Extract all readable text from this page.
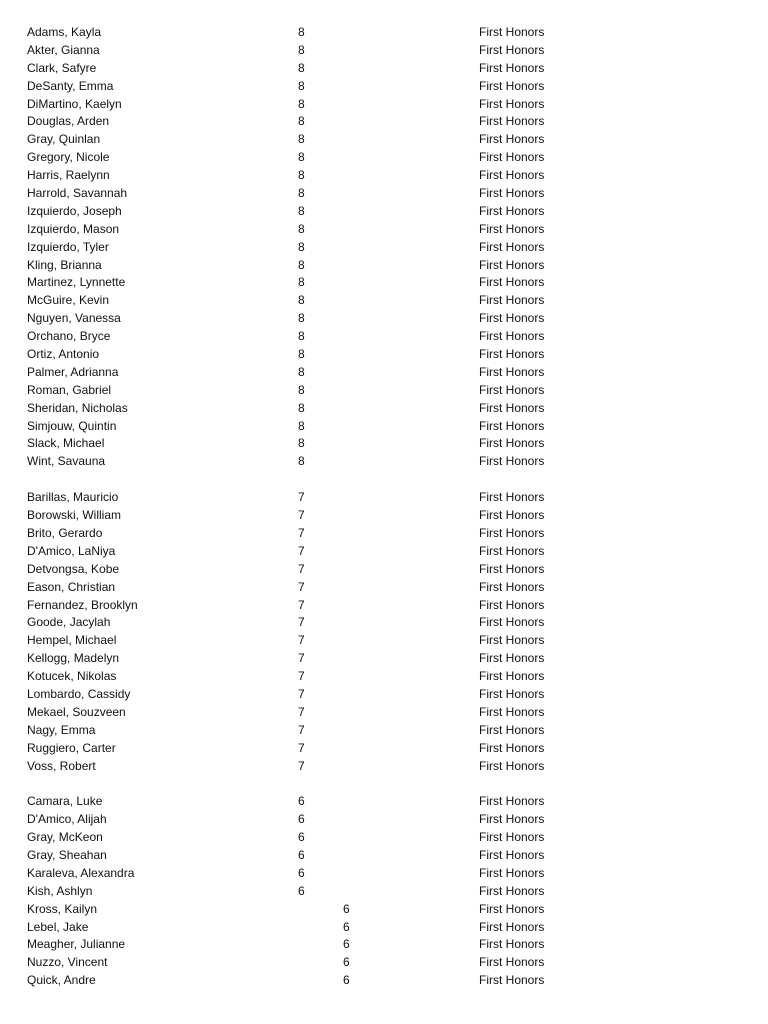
Adams, Kayla	8	First Honors
Akter, Gianna	8	First Honors
Clark, Safyre	8	First Honors
DeSanty, Emma	8	First Honors
DiMartino, Kaelyn	8	First Honors
Douglas, Arden	8	First Honors
Gray, Quinlan	8	First Honors
Gregory, Nicole	8	First Honors
Harris, Raelynn	8	First Honors
Harrold, Savannah	8	First Honors
Izquierdo, Joseph	8	First Honors
Izquierdo, Mason	8	First Honors
Izquierdo, Tyler	8	First Honors
Kling, Brianna	8	First Honors
Martinez, Lynnette	8	First Honors
McGuire, Kevin	8	First Honors
Nguyen, Vanessa	8	First Honors
Orchano, Bryce	8	First Honors
Ortiz, Antonio	8	First Honors
Palmer, Adrianna	8	First Honors
Roman, Gabriel	8	First Honors
Sheridan, Nicholas	8	First Honors
Simjouw, Quintin	8	First Honors
Slack, Michael	8	First Honors
Wint, Savauna	8	First Honors
Barillas, Mauricio	7	First Honors
Borowski, William	7	First Honors
Brito, Gerardo	7	First Honors
D'Amico, LaNiya	7	First Honors
Detvongsa, Kobe	7	First Honors
Eason, Christian	7	First Honors
Fernandez, Brooklyn	7	First Honors
Goode, Jacylah	7	First Honors
Hempel, Michael	7	First Honors
Kellogg, Madelyn	7	First Honors
Kotucek, Nikolas	7	First Honors
Lombardo, Cassidy	7	First Honors
Mekael, Souzveen	7	First Honors
Nagy, Emma	7	First Honors
Ruggiero, Carter	7	First Honors
Voss, Robert	7	First Honors
Camara, Luke	6	First Honors
D'Amico, Alijah	6	First Honors
Gray, McKeon	6	First Honors
Gray, Sheahan	6	First Honors
Karaleva, Alexandra	6	First Honors
Kish, Ashlyn	6	First Honors
Kross, Kailyn	6	First Honors
Lebel, Jake	6	First Honors
Meagher, Julianne	6	First Honors
Nuzzo, Vincent	6	First Honors
Quick, Andre	6	First Honors
